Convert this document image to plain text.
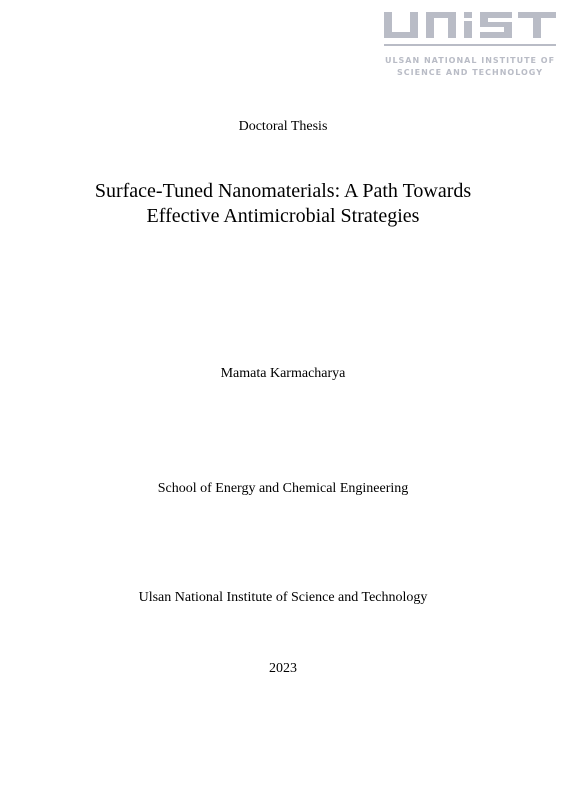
ULSAN NATIONAL INSTITUTE OF
SCIENCE AND TECHNOLOGY
Doctoral Thesis
Surface-Tuned Nanomaterials: A Path Towards
Effective Antimicrobial Strategies
Mamata Karmacharya
School of Energy and Chemical Engineering
Ulsan National Institute of Science and Technology
2023
